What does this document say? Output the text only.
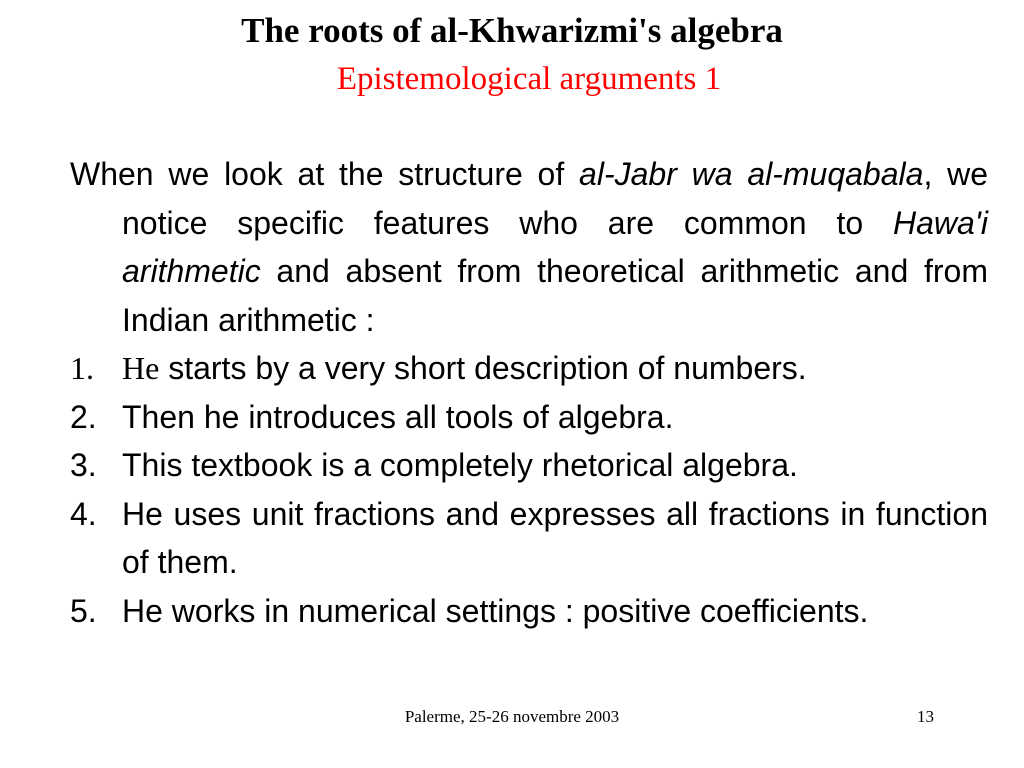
The roots of al-Khwarizmi's algebra
Epistemological arguments 1

When we look at the structure of al-Jabr wa al-muqabala, we notice specific features who are common to Hawa'i arithmetic and absent from theoretical arithmetic and from Indian arithmetic :

1. He starts by a very short description of numbers.
2. Then he introduces all tools of algebra.
3. This textbook is a completely rhetorical algebra.
4. He uses unit fractions and expresses all fractions in function of them.
5. He works in numerical settings : positive coefficients.
Palerme, 25-26 novembre 2003	13
